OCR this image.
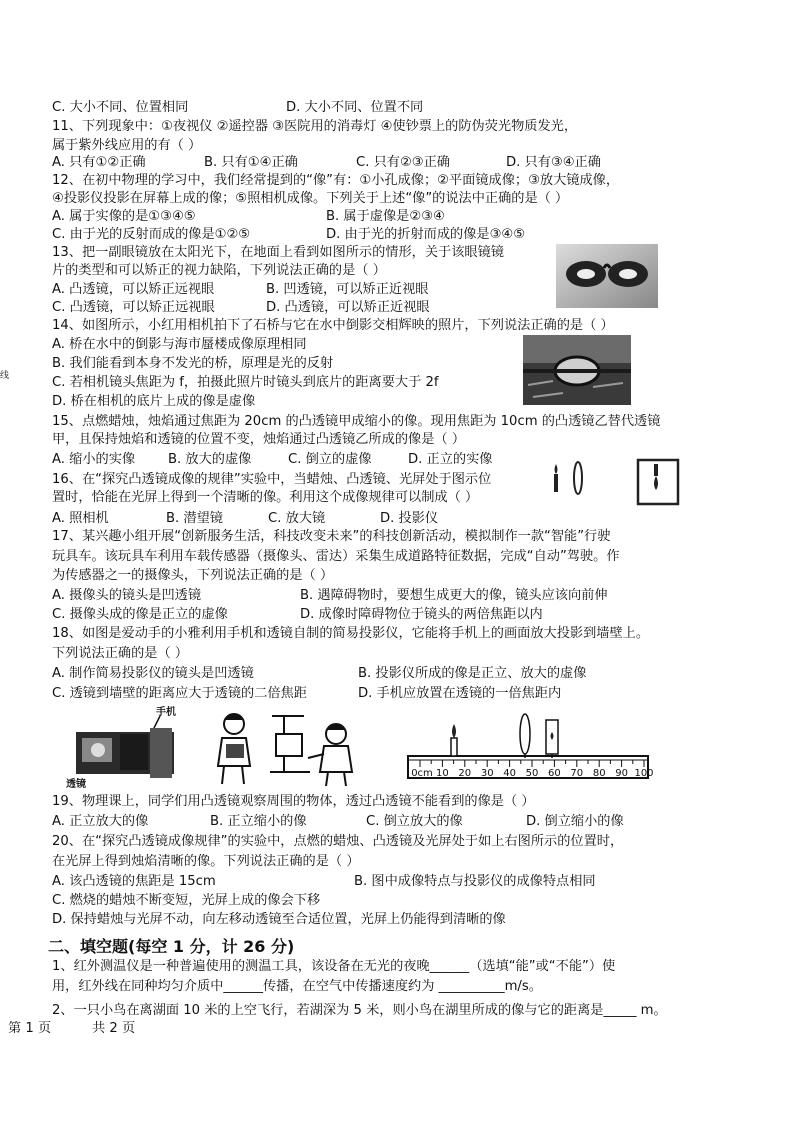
C. 大小不同、位置相同	D. 大小不同、位置不同
11、下列现象中：①夜视仪 ②遥控器 ③医院用的消毒灯 ④使钞票上的防伪荧光物质发光，
属于紫外线应用的有（ ）
A. 只有①②正确	B. 只有①④正确	C. 只有②③正确	D. 只有③④正确
12、在初中物理的学习中，我们经常提到的“像”有：①小孔成像；②平面镜成像；③放大镜成像，
④投影仪投影在屏幕上成的像；⑤照相机成像。下列关于上述“像”的说法中正确的是（ ）
A. 属于实像的是①③④⑤	B. 属于虚像是②③④
C. 由于光的反射而成的像是①②⑤	D. 由于光的折射而成的像是③④⑤
13、把一副眼镜放在太阳光下，在地面上看到如图所示的情形，关于该眼镜镜
片的类型和可以矫正的视力缺陷，下列说法正确的是（ ）
A. 凸透镜，可以矫正远视眼	B. 凹透镜，可以矫正近视眼
C. 凸透镜，可以矫正远视眼	D. 凸透镜，可以矫正近视眼
14、如图所示，小红用相机拍下了石桥与它在水中倒影交相辉映的照片，下列说法正确的是（ ）
A. 桥在水中的倒影与海市蜃楼成像原理相同
B. 我们能看到本身不发光的桥，原理是光的反射
C. 若相机镜头焦距为 f，拍摄此照片时镜头到底片的距离要大于 2f
D. 桥在相机的底片上成的像是虚像
15、点燃蜡烛，烛焰通过焦距为 20cm 的凸透镜甲成缩小的像。现用焦距为 10cm 的凸透镜乙替代透镜
甲，且保持烛焰和透镜的位置不变，烛焰通过凸透镜乙所成的像是（ ）
A. 缩小的实像 B. 放大的虚像	C. 倒立的虚像	D. 正立的实像
16、在“探究凸透镜成像的规律”实验中，当蜡烛、凸透镜、光屏处于图示位
置时，恰能在光屏上得到一个清晰的像。利用这个成像规律可以制成（ ）
A. 照相机	B. 潜望镜	C. 放大镜	D. 投影仪
17、某兴趣小组开展“创新服务生活，科技改变未来”的科技创新活动，模拟制作一款“智能”行驶
玩具车。该玩具车利用车载传感器（摄像头、雷达）采集生成道路特征数据，完成“自动”驾驶。作
为传感器之一的摄像头，下列说法正确的是（ ）
A. 摄像头的镜头是凹透镜	B. 遇障碍物时，要想生成更大的像，镜头应该向前伸
C. 摄像头成的像是正立的虚像	D. 成像时障碍物位于镜头的两倍焦距以内
18、如图是爱动手的小雅利用手机和透镜自制的简易投影仪，它能将手机上的画面放大投影到墙壁上。
下列说法正确的是（ ）
A. 制作简易投影仪的镜头是凹透镜	B. 投影仪所成的像是正立、放大的虚像
C. 透镜到墙壁的距离应大于透镜的二倍焦距	D. 手机应放置在透镜的一倍焦距内
19、物理课上，同学们用凸透镜观察周围的物体，透过凸透镜不能看到的像是（ ）
A. 正立放大的像	B. 正立缩小的像	C. 倒立放大的像	D. 倒立缩小的像
20、在“探究凸透镜成像规律”的实验中，点燃的蜡烛、凸透镜及光屏处于如上右图所示的位置时，
在光屏上得到烛焰清晰的像。下列说法正确的是（ ）
A. 该凸透镜的焦距是 15cm	B. 图中成像特点与投影仪的成像特点相同
C. 燃烧的蜡烛不断变短，光屏上成的像会下移
D. 保持蜡烛与光屏不动，向左移动透镜至合适位置，光屏上仍能得到清晰的像
1、红外测温仪是一种普遍使用的测温工具，该设备在无光的夜晚______（选填“能”或“不能”）使
用，红外线在同种均匀介质中______传播，在空气中传播速度约为 __________m/s。
2、一只小鸟在离湖面 10 米的上空飞行，若湖深为 5 米，则小鸟在湖里所成的像与它的距离是_____ m。
二、填空题(每空 1 分，计 26 分)
第 1 页	共 2 页
线
手机
透镜
0cm 10 20 30 40 50 60 70 80 90 100
